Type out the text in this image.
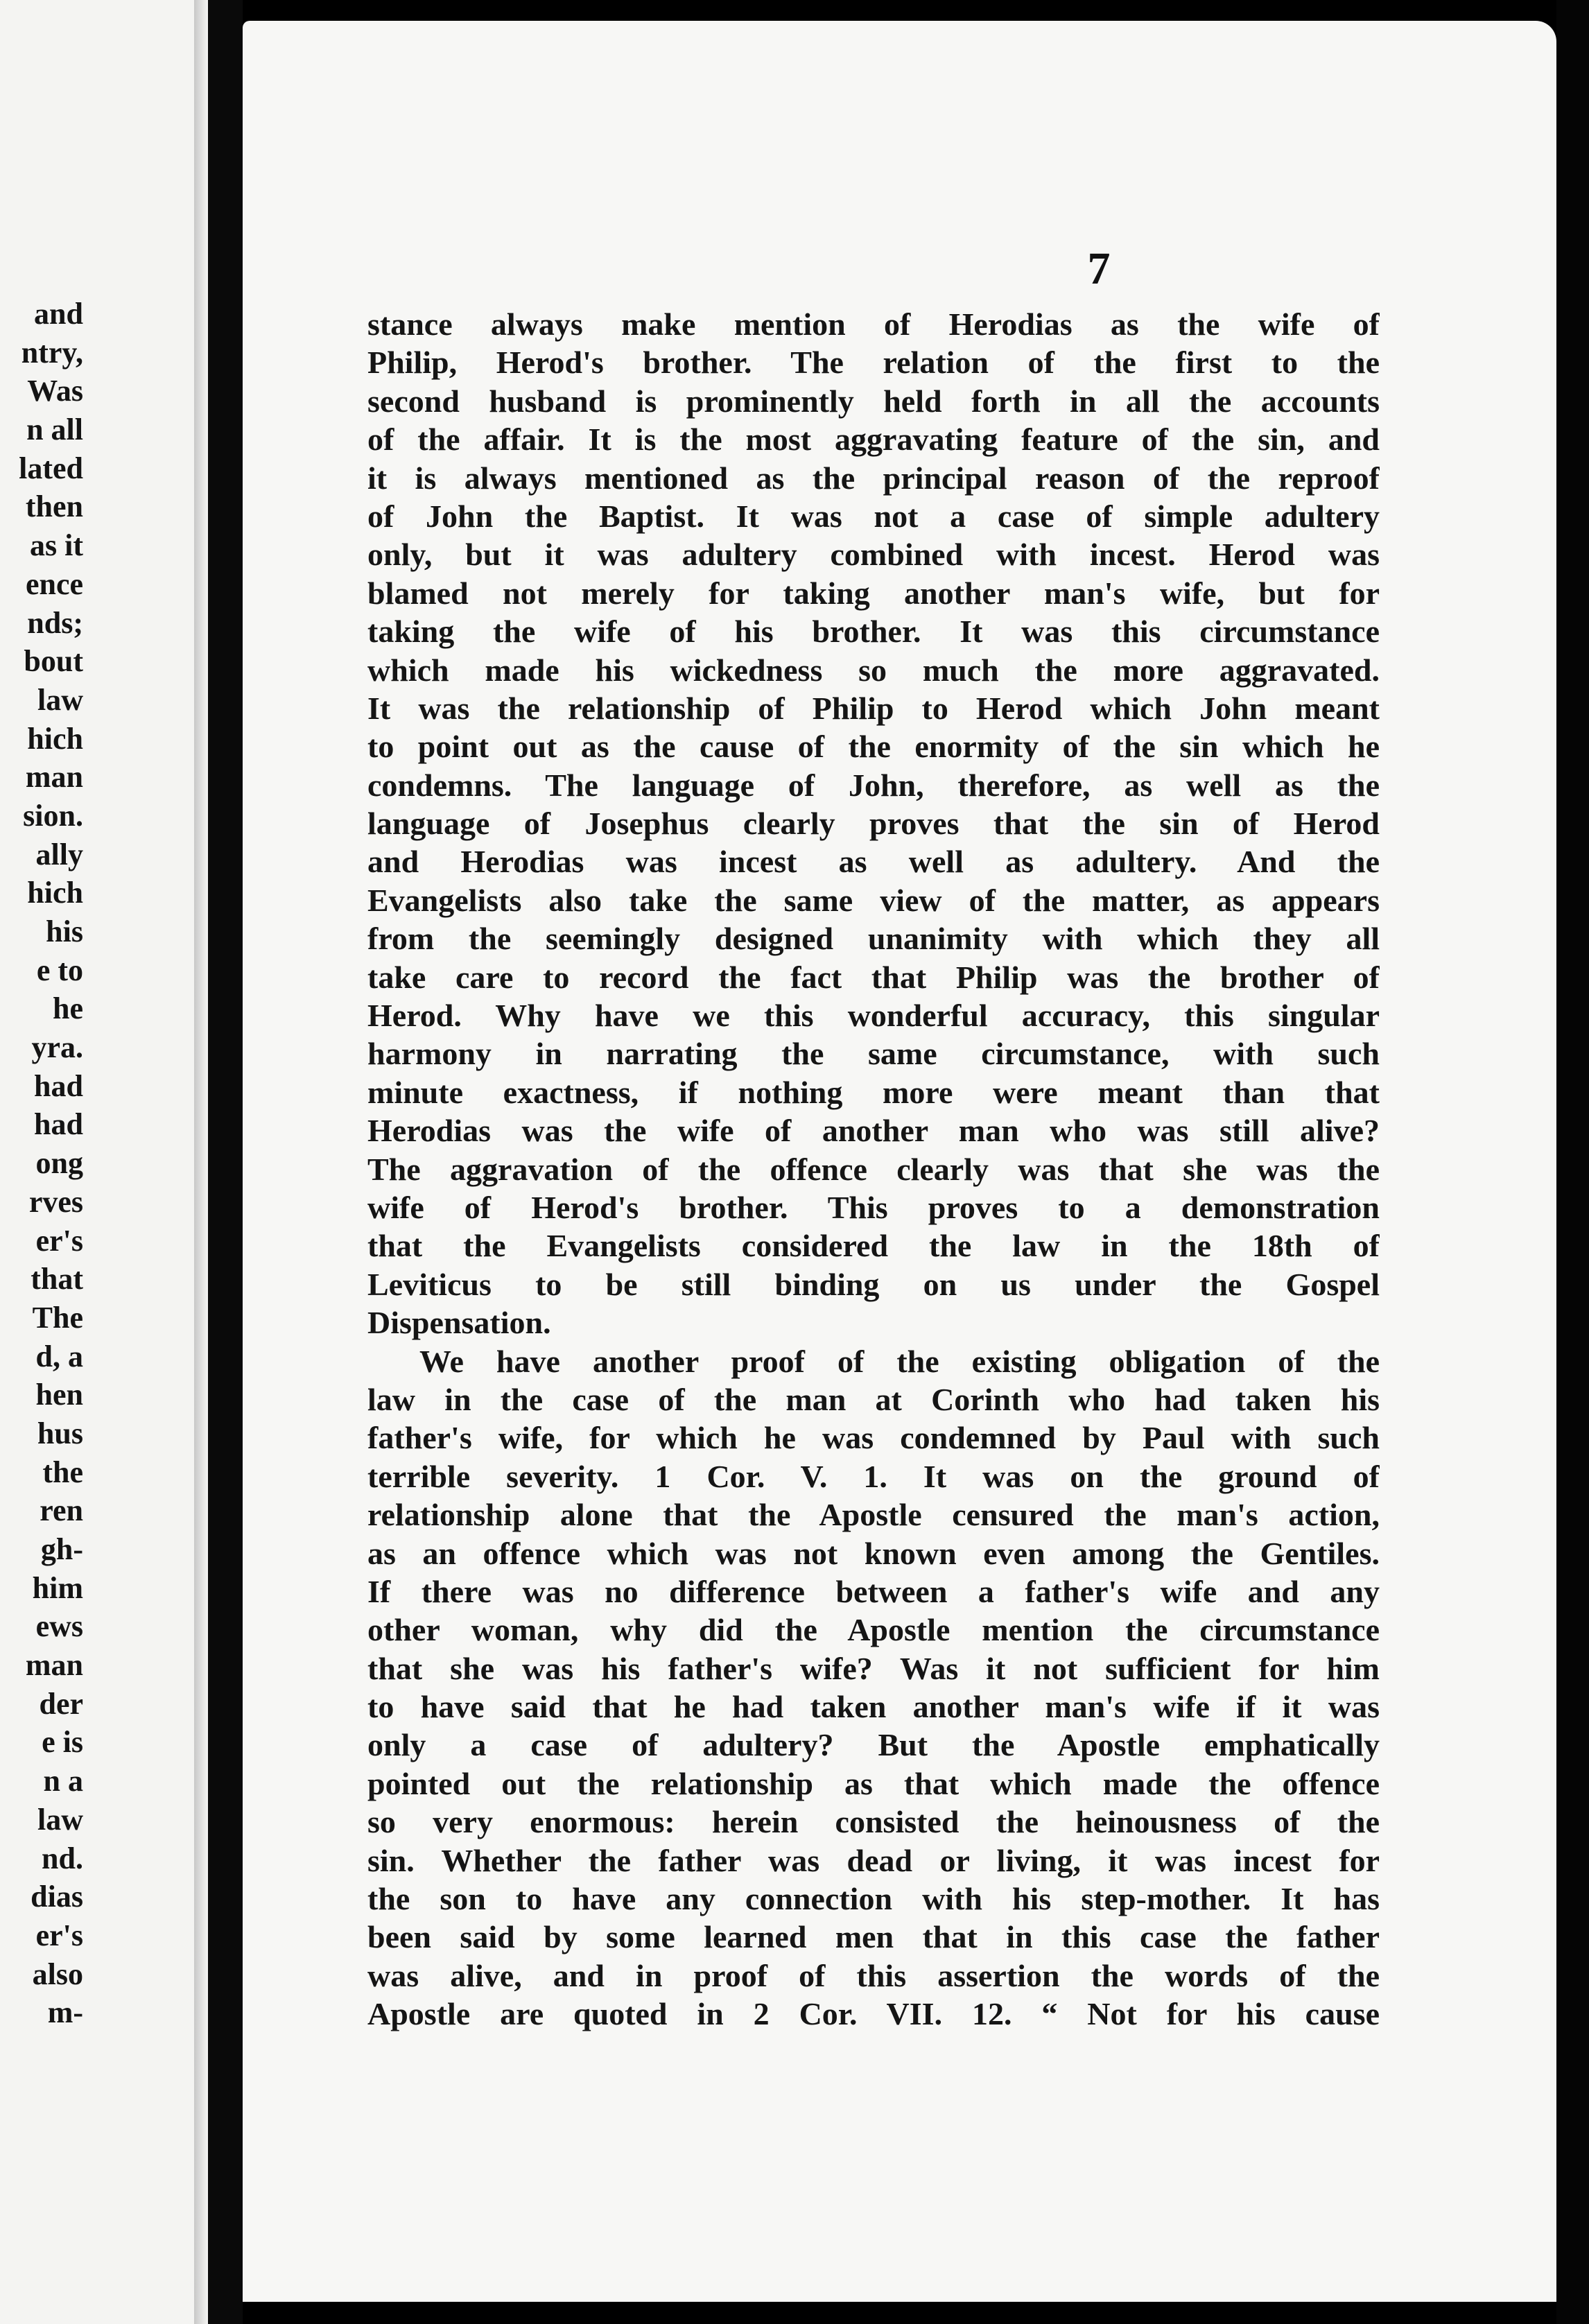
and
ntry,
Was
n all
lated
then
as it
ence
nds;
bout
law
hich
man
sion.
ally
hich
his
e to
he
yra.
had
had
ong
rves
er's
that
The
d, a
hen
hus
the
ren
gh-
him
ews
man
der
e is
n a
law
nd.
dias
er's
also
m-
7
stance always make mention of Herodias as the wife of
Philip, Herod's brother. The relation of the first to the
second husband is prominently held forth in all the accounts
of the affair. It is the most aggravating feature of the sin, and
it is always mentioned as the principal reason of the reproof
of John the Baptist. It was not a case of simple adultery
only, but it was adultery combined with incest. Herod was
blamed not merely for taking another man's wife, but for
taking the wife of his brother. It was this circumstance
which made his wickedness so much the more aggravated.
It was the relationship of Philip to Herod which John meant
to point out as the cause of the enormity of the sin which he
condemns. The language of John, therefore, as well as the
language of Josephus clearly proves that the sin of Herod
and Herodias was incest as well as adultery. And the
Evangelists also take the same view of the matter, as appears
from the seemingly designed unanimity with which they all
take care to record the fact that Philip was the brother of
Herod. Why have we this wonderful accuracy, this singular
harmony in narrating the same circumstance, with such
minute exactness, if nothing more were meant than that
Herodias was the wife of another man who was still alive?
The aggravation of the offence clearly was that she was the
wife of Herod's brother. This proves to a demonstration
that the Evangelists considered the law in the 18th of
Leviticus to be still binding on us under the Gospel
Dispensation.
We have another proof of the existing obligation of the
law in the case of the man at Corinth who had taken his
father's wife, for which he was condemned by Paul with such
terrible severity. 1 Cor. V. 1. It was on the ground of
relationship alone that the Apostle censured the man's action,
as an offence which was not known even among the Gentiles.
If there was no difference between a father's wife and any
other woman, why did the Apostle mention the circumstance
that she was his father's wife? Was it not sufficient for him
to have said that he had taken another man's wife if it was
only a case of adultery? But the Apostle emphatically
pointed out the relationship as that which made the offence
so very enormous: herein consisted the heinousness of the
sin. Whether the father was dead or living, it was incest for
the son to have any connection with his step-mother. It has
been said by some learned men that in this case the father
was alive, and in proof of this assertion the words of the
Apostle are quoted in 2 Cor. VII. 12. “ Not for his cause
